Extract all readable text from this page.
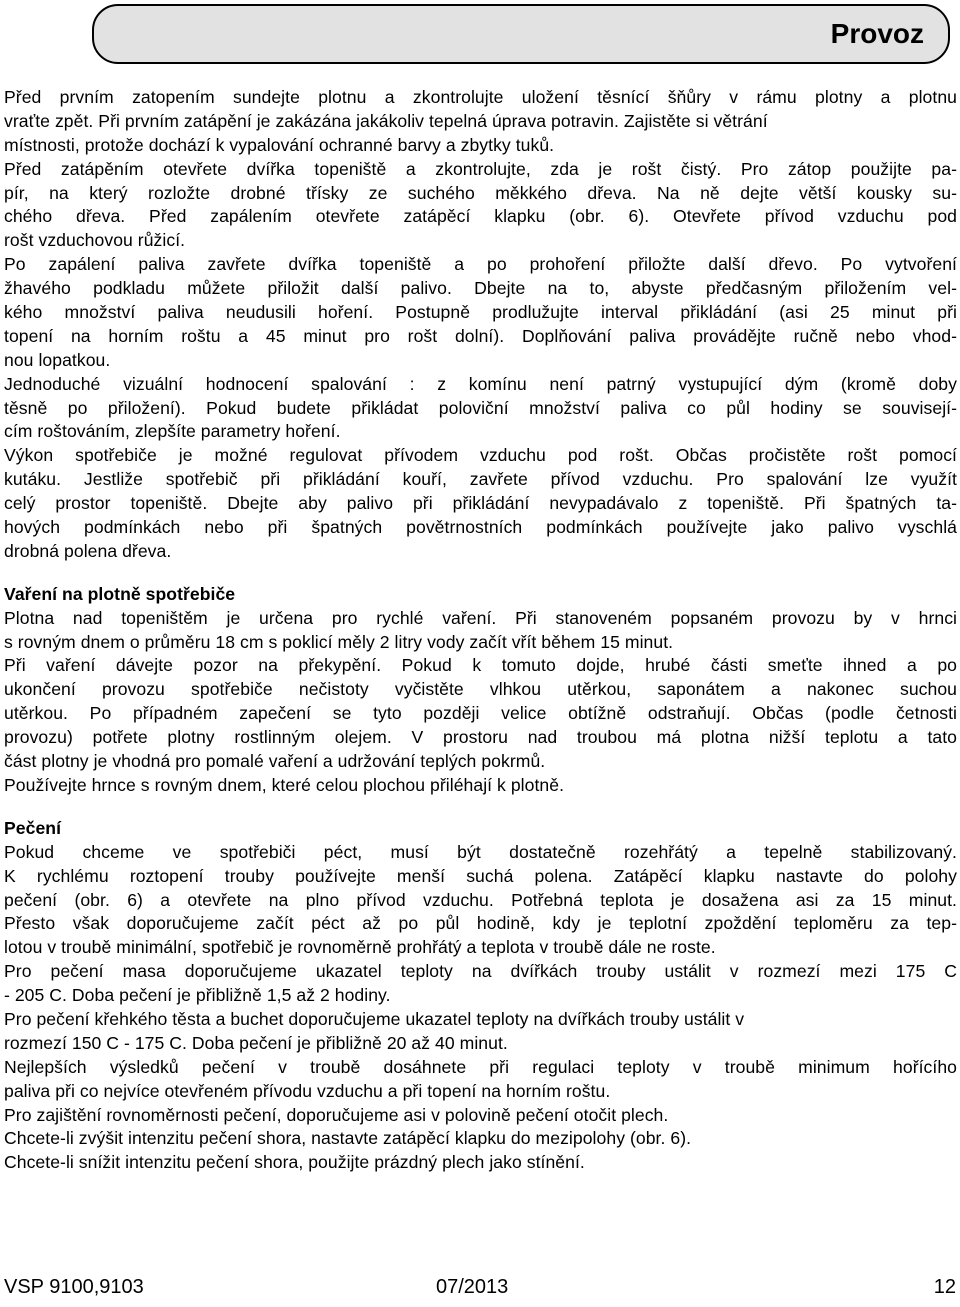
Provoz
Před prvním zatopením sundejte plotnu a zkontrolujte uložení těsnící šňůry v rámu plotny a plotnu
vraťte zpět. Při prvním zatápění je zakázána jakákoliv tepelná úprava potravin. Zajistěte si větrání
místnosti, protože dochází k vypalování ochranné barvy a zbytky tuků.
Před zatápěním otevřete dvířka topeniště a zkontrolujte, zda je rošt čistý. Pro zátop použijte pa-
pír, na který rozložte drobné třísky ze suchého měkkého dřeva. Na ně dejte větší kousky su-
chého dřeva. Před zapálením otevřete zatápěcí klapku (obr. 6). Otevřete přívod vzduchu pod
rošt vzduchovou růžicí.
Po zapálení paliva zavřete dvířka topeniště a po prohoření přiložte další dřevo. Po vytvoření
žhavého podkladu můžete přiložit další palivo. Dbejte na to, abyste předčasným přiložením vel-
kého množství paliva neudusili hoření. Postupně prodlužujte interval přikládání (asi 25 minut při
topení na horním roštu a 45 minut pro rošt dolní). Doplňování paliva provádějte ručně nebo vhod-
nou lopatkou.
Jednoduché vizuální hodnocení spalování : z komínu není patrný vystupující dým (kromě doby
těsně po přiložení). Pokud budete přikládat poloviční množství paliva co půl hodiny se souvisejí-
cím roštováním, zlepšíte parametry hoření.
Výkon spotřebiče je možné regulovat přívodem vzduchu pod rošt. Občas pročistěte rošt pomocí
kutáku. Jestliže spotřebič při přikládání kouří, zavřete přívod vzduchu. Pro spalování lze využít
celý prostor topeniště. Dbejte aby palivo při přikládání nevypadávalo z topeniště. Při špatných ta-
hových podmínkách nebo při špatných povětrnostních podmínkách používejte jako palivo vyschlá
drobná polena dřeva.
Vaření na plotně spotřebiče
Plotna nad topeništěm je určena pro rychlé vaření. Při stanoveném popsaném provozu by v hrnci
s rovným dnem o průměru 18 cm s poklicí měly 2 litry vody začít vřít během 15 minut.
Při vaření dávejte pozor na překypění. Pokud k tomuto dojde, hrubé části smeťte ihned a po
ukončení provozu spotřebiče nečistoty vyčistěte vlhkou utěrkou, saponátem a nakonec suchou
utěrkou. Po případném zapečení se tyto později velice obtížně odstraňují. Občas (podle četnosti
provozu) potřete plotny rostlinným olejem. V prostoru nad troubou má plotna nižší teplotu a tato
část plotny je vhodná pro pomalé vaření a udržování teplých pokrmů.
Používejte hrnce s rovným dnem, které celou plochou přiléhají k plotně.
Pečení
Pokud chceme ve spotřebiči péct, musí být dostatečně rozehřátý a tepelně stabilizovaný.
K rychlému roztopení trouby používejte menší suchá polena. Zatápěcí klapku nastavte do polohy
pečení (obr. 6) a otevřete na plno přívod vzduchu. Potřebná teplota je dosažena asi za 15 minut.
Přesto však doporučujeme začít péct až po půl hodině, kdy je teplotní zpoždění teploměru za tep-
lotou v troubě minimální, spotřebič je rovnoměrně prohřátý a teplota v troubě dále ne roste.
Pro pečení masa doporučujeme ukazatel teploty na dvířkách trouby ustálit v rozmezí mezi 175 C
- 205 C. Doba pečení je přibližně 1,5 až 2 hodiny.
Pro pečení křehkého těsta a buchet doporučujeme ukazatel teploty na dvířkách trouby ustálit v
rozmezí 150 C - 175 C. Doba pečení je přibližně 20 až 40 minut.
Nejlepších výsledků pečení v troubě dosáhnete při regulaci teploty v troubě minimum hořícího
paliva při co nejvíce otevřeném přívodu vzduchu a při topení na horním roštu.
Pro zajištění rovnoměrnosti pečení, doporučujeme asi v polovině pečení otočit plech.
Chcete-li zvýšit intenzitu pečení shora, nastavte zatápěcí klapku do mezipolohy (obr. 6).
Chcete-li snížit intenzitu pečení shora, použijte prázdný plech jako stínění.
VSP 9100,9103	07/2013	12
